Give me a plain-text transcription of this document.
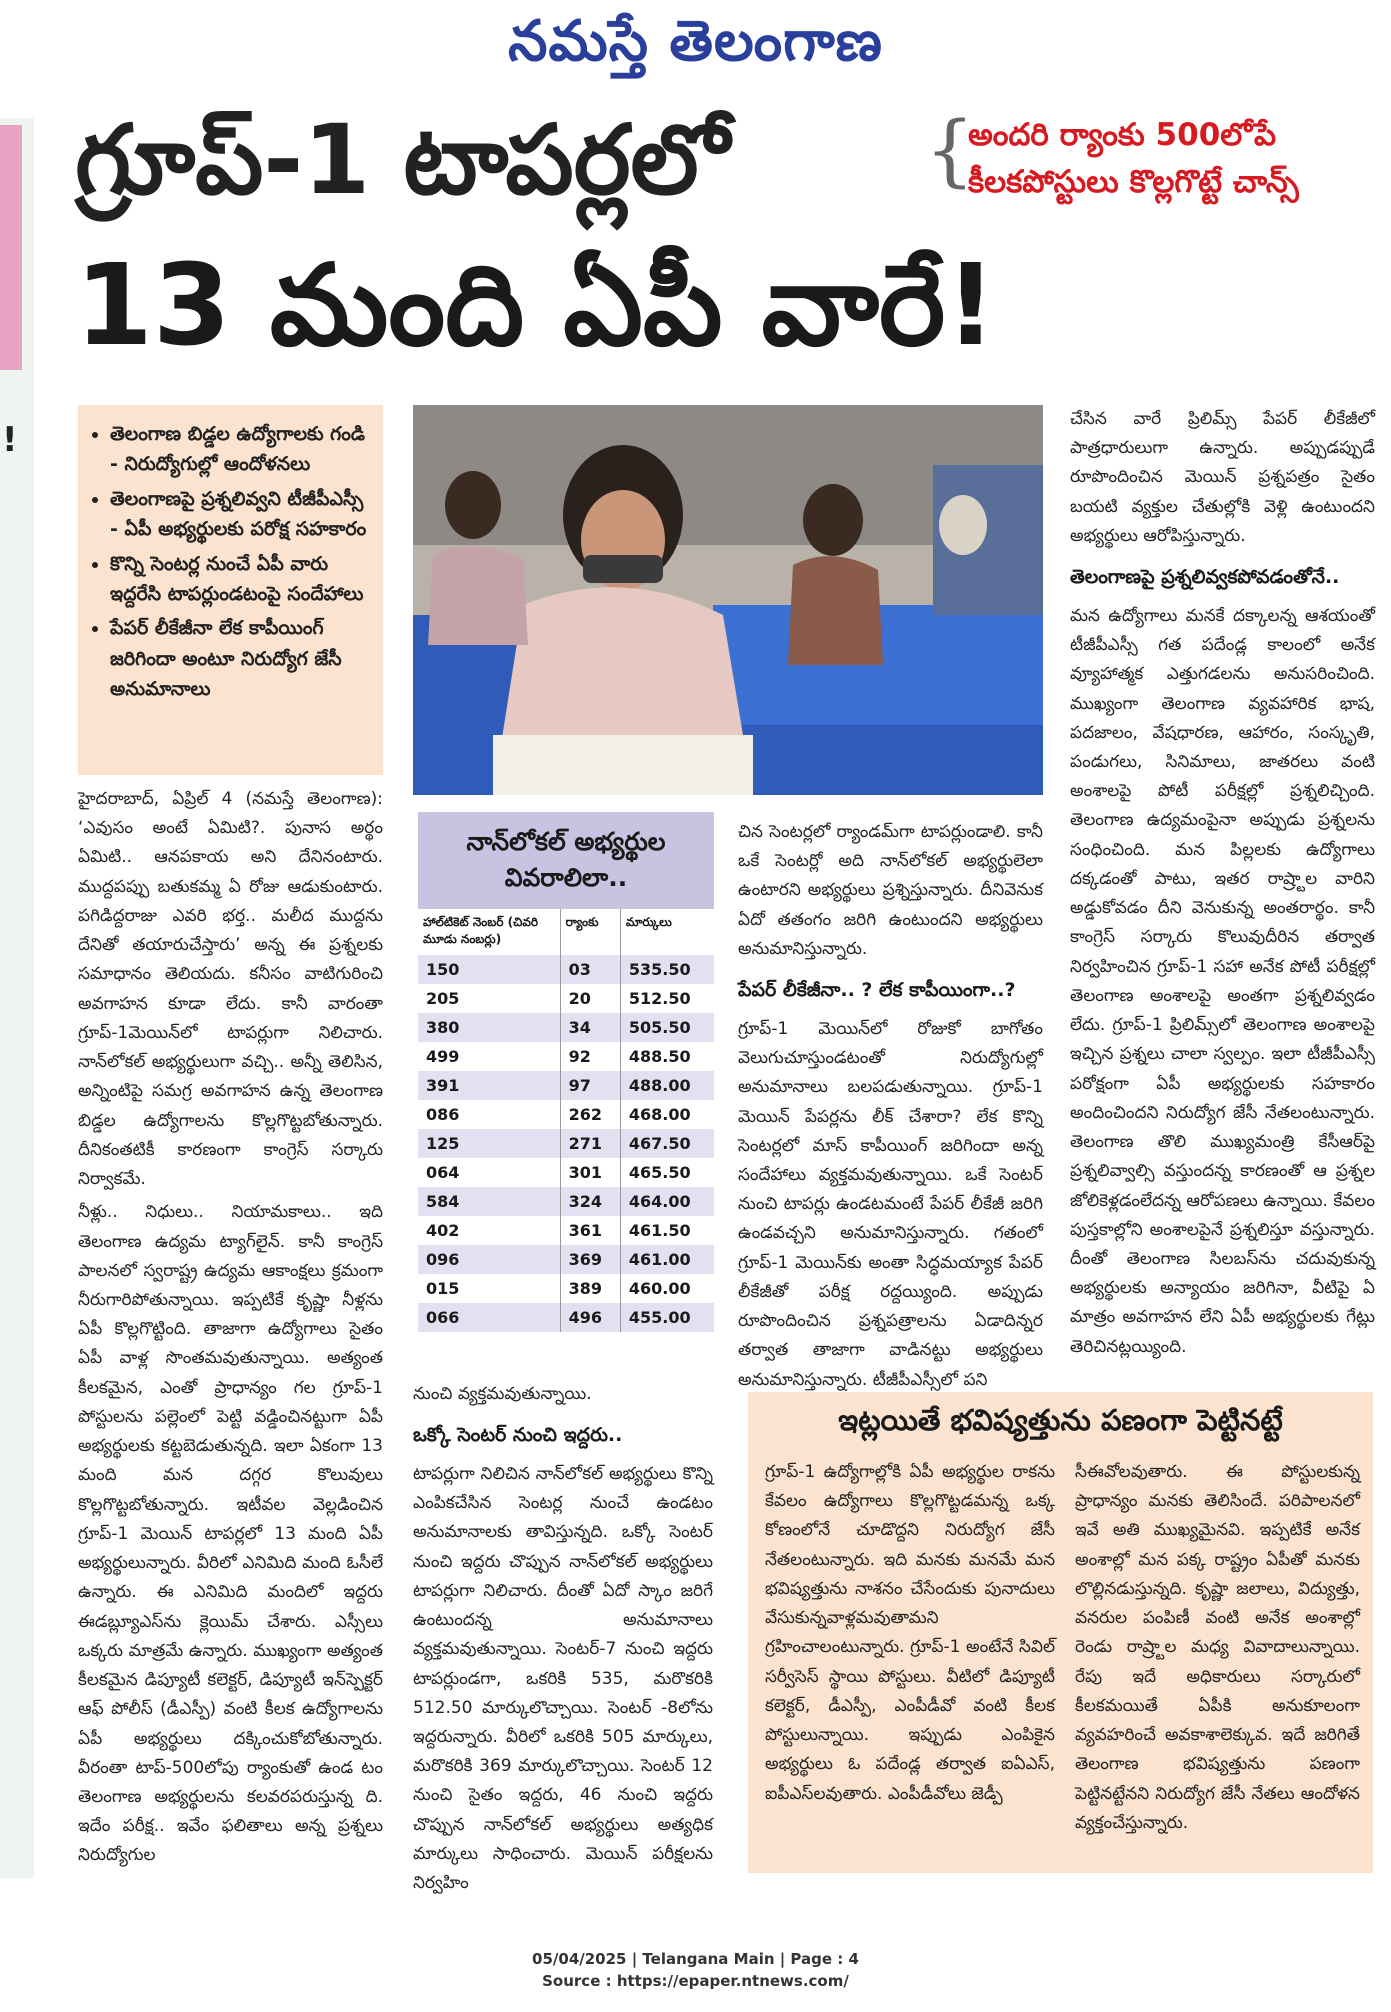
నమస్తే తెలంగాణ
!
గ్రూప్‌-1 టాపర్లలో
13 మంది ఏపీ వారే!
{
అందరి ర్యాంకు 500లోపే
కీలకపోస్టులు కొల్లగొట్టే చాన్స్
• తెలంగాణ బిడ్డల ఉద్యోగాలకు గండి - నిరుద్యోగుల్లో ఆందోళనలు
• తెలంగాణపై ప్రశ్నలివ్వని టీజీపీఎస్సీ - ఏపీ అభ్యర్థులకు పరోక్ష సహకారం
• కొన్ని సెంటర్ల నుంచే ఏపీ వారు ఇద్దరేసి టాపర్లుండటంపై సందేహాలు
• పేపర్‌ లీకేజీనా లేక కాపీయింగ్‌ జరిగిందా అంటూ నిరుద్యోగ జేసీ అనుమానాలు

హైదరాబాద్‌, ఏప్రిల్‌ 4 (నమస్తే తెలంగాణ): ‘ఎవుసం అంటే ఏమిటి?. పునాస అర్థం ఏమిటి.. ఆనపకాయ అని దేనినంటారు. ముద్దపప్పు బతుకమ్మ ఏ రోజు ఆడుకుంటారు. పగిడిద్దరాజు ఎవరి భర్త.. మలీద ముద్దను దేనితో తయారుచేస్తారు’ అన్న ఈ ప్రశ్నలకు సమాధానం తెలియదు. కనీసం వాటిగురించి అవగాహన కూడా లేదు. కానీ వారంతా గ్రూప్‌-1మెయిన్‌లో టాపర్లుగా నిలిచారు. నాన్‌లోకల్‌ అభ్యర్థులుగా వచ్చి.. అన్నీ తెలిసిన, అన్నింటిపై సమగ్ర అవగాహన ఉన్న తెలంగాణ బిడ్డల ఉద్యోగాలను కొల్లగొట్టబోతున్నారు. దీనికంతటికీ కారణంగా కాంగ్రెస్‌ సర్కారు నిర్వాకమే.

నీళ్లు.. నిధులు.. నియామకాలు.. ఇది తెలంగాణ ఉద్యమ ట్యాగ్‌లైన్‌. కానీ కాంగ్రెస్‌ పాలనలో స్వరాష్ట్ర ఉద్యమ ఆకాంక్షలు క్రమంగా నీరుగారిపోతున్నాయి. ఇప్పటికే కృష్ణా నీళ్లను ఏపీ కొల్లగొట్టింది. తాజాగా ఉద్యోగాలు సైతం ఏపీ వాళ్ల సొంతమవుతున్నాయి. అత్యంత కీలకమైన, ఎంతో ప్రాధాన్యం గల గ్రూప్‌-1 పోస్టులను పల్లెంలో పెట్టి వడ్డించినట్టుగా ఏపీ అభ్యర్థులకు కట్టబెడుతున్నది. ఇలా ఏకంగా 13 మంది మన దగ్గర కొలువులు కొల్లగొట్టబోతున్నారు. ఇటీవల వెల్లడించిన గ్రూప్‌-1 మెయిన్‌ టాపర్లలో 13 మంది ఏపీ అభ్యర్థులున్నారు. వీరిలో ఎనిమిది మంది ఓసీలే ఉన్నారు. ఈ ఎనిమిది మందిలో ఇద్దరు ఈడబ్ల్యూఎస్‌ను క్లెయిమ్‌ చేశారు. ఎస్సీలు ఒక్కరు మాత్రమే ఉన్నారు. ముఖ్యంగా అత్యంత కీలకమైన డిప్యూటీ కలెక్టర్‌, డిప్యూటీ ఇన్‌స్పెక్టర్‌ ఆఫ్‌ పోలీస్‌ (డీఎస్పీ) వంటి కీలక ఉద్యోగాలను ఏపీ అభ్యర్థులు దక్కించుకోబోతున్నారు. వీరంతా టాప్‌-500లోపు ర్యాంకుతో ఉండ టం తెలంగాణ అభ్యర్థులను కలవరపరుస్తున్న ది. ఇదేం పరీక్ష.. ఇవేం ఫలితాలు అన్న ప్రశ్నలు నిరుద్యోగుల

నాన్‌లోకల్‌ అభ్యర్థుల వివరాలిలా..
హాల్‌టికెట్‌ నెంబర్‌ (చివరి మూడు నంబర్లు)	ర్యాంకు	మార్కులు
150	03	535.50
205	20	512.50
380	34	505.50
499	92	488.50
391	97	488.00
086	262	468.00
125	271	467.50
064	301	465.50
584	324	464.00
402	361	461.50
096	369	461.00
015	389	460.00
066	496	455.00

నుంచి వ్యక్తమవుతున్నాయి.

ఒక్కో సెంటర్‌ నుంచి ఇద్దరు..

టాపర్లుగా నిలిచిన నాన్‌లోకల్‌ అభ్యర్థులు కొన్ని ఎంపికచేసిన సెంటర్ల నుంచే ఉండటం అనుమానాలకు తావిస్తున్నది. ఒక్కో సెంటర్‌ నుంచి ఇద్దరు చొప్పున నాన్‌లోకల్‌ అభ్యర్థులు టాపర్లుగా నిలిచారు. దీంతో ఏదో స్కాం జరిగే ఉంటుందన్న అనుమానాలు వ్యక్తమవుతున్నాయి. సెంటర్‌-7 నుంచి ఇద్దరు టాపర్లుండగా, ఒకరికి 535, మరొకరికి 512.50 మార్కులొచ్చాయి. సెంటర్‌ -8లోను ఇద్దరున్నారు. వీరిలో ఒకరికి 505 మార్కులు, మరొకరికి 369 మార్కులొచ్చాయి. సెంటర్‌ 12 నుంచి సైతం ఇద్దరు, 46 నుంచి ఇద్దరు చొప్పున నాన్‌లోకల్‌ అభ్యర్థులు అత్యధిక మార్కులు సాధించారు. మెయిన్‌ పరీక్షలను నిర్వహిం

చిన సెంటర్లలో ర్యాండమ్‌గా టాపర్లుండాలి. కానీ ఒకే సెంటర్లో అది నాన్‌లోకల్‌ అభ్యర్థులెలా ఉంటారని అభ్యర్థులు ప్రశ్నిస్తున్నారు. దీనివెనుక ఏదో తతంగం జరిగి ఉంటుందని అభ్యర్థులు అనుమానిస్తున్నారు.

పేపర్‌ లీకేజీనా.. ? లేక కాపీయింగా..?

గ్రూప్‌-1 మెయిన్‌లో రోజుకో బాగోతం వెలుగుచూస్తుండటంతో నిరుద్యోగుల్లో అనుమానాలు బలపడుతున్నాయి. గ్రూప్‌-1 మెయిన్‌ పేపర్లను లీక్‌ చేశారా? లేక కొన్ని సెంటర్లలో మాస్‌ కాపీయింగ్‌ జరిగిందా అన్న సందేహాలు వ్యక్తమవుతున్నాయి. ఒకే సెంటర్‌ నుంచి టాపర్లు ఉండటమంటే పేపర్‌ లీకేజీ జరిగి ఉండవచ్చని అనుమానిస్తున్నారు. గతంలో గ్రూప్‌-1 మెయిన్‌కు అంతా సిద్ధమయ్యాక పేపర్‌ లీకేజీతో పరీక్ష రద్దయ్యింది. అప్పుడు రూపొందించిన ప్రశ్నపత్రాలను ఏడాదిన్నర తర్వాత తాజాగా వాడినట్టు అభ్యర్థులు అనుమానిస్తున్నారు. టీజీపీఎస్సీలో పని

చేసిన వారే ప్రిలిమ్స్‌ పేపర్‌ లీకేజీలో పాత్రధారులుగా ఉన్నారు. అప్పుడప్పుడే రూపొందించిన మెయిన్‌ ప్రశ్నపత్రం సైతం బయటి వ్యక్తుల చేతుల్లోకి వెళ్లి ఉంటుందని అభ్యర్థులు ఆరోపిస్తున్నారు.

తెలంగాణపై ప్రశ్నలివ్వకపోవడంతోనే..

మన ఉద్యోగాలు మనకే దక్కాలన్న ఆశయంతో టీజీపీఎస్సీ గత పదేండ్ల కాలంలో అనేక వ్యూహాత్మక ఎత్తుగడలను అనుసరించింది. ముఖ్యంగా తెలంగాణ వ్యవహారిక భాష, పదజాలం, వేషధారణ, ఆహారం, సంస్కృతి, పండుగలు, సినిమాలు, జాతరలు వంటి అంశాలపై పోటీ పరీక్షల్లో ప్రశ్నలిచ్చింది. తెలంగాణ ఉద్యమంపైనా అప్పుడు ప్రశ్నలను సంధించింది. మన పిల్లలకు ఉద్యోగాలు దక్కడంతో పాటు, ఇతర రాష్ర్టాల వారిని అడ్డుకోవడం దీని వెనుకున్న అంతరార్థం. కానీ కాంగ్రెస్‌ సర్కారు కొలువుదీరిన తర్వాత నిర్వహించిన గ్రూప్‌-1 సహా అనేక పోటీ పరీక్షల్లో తెలంగాణ అంశాలపై అంతగా ప్రశ్నలివ్వడం లేదు. గ్రూప్‌-1 ప్రిలిమ్స్‌లో తెలంగాణ అంశాలపై ఇచ్చిన ప్రశ్నలు చాలా స్వల్పం. ఇలా టీజీపీఎస్సీ పరోక్షంగా ఏపీ అభ్యర్థులకు సహకారం అందించిందని నిరుద్యోగ జేసీ నేతలంటున్నారు. తెలంగాణ తొలి ముఖ్యమంత్రి కేసీఆర్‌పై ప్రశ్నలివ్వాల్సి వస్తుందన్న కారణంతో ఆ ప్రశ్నల జోలికెళ్లడంలేదన్న ఆరోపణలు ఉన్నాయి. కేవలం పుస్తకాల్లోని అంశాలపైనే ప్రశ్నలిస్తూ వస్తున్నారు. దీంతో తెలంగాణ సిలబస్‌ను చదువుకున్న అభ్యర్థులకు అన్యాయం జరిగినా, వీటిపై ఏ మాత్రం అవగాహన లేని ఏపీ అభ్యర్థులకు గేట్లు తెరిచినట్లయ్యింది.

ఇట్లయితే భవిష్యత్తును పణంగా పెట్టినట్టే

గ్రూప్‌-1 ఉద్యోగాల్లోకి ఏపీ అభ్యర్థుల రాకను కేవలం ఉద్యోగాలు కొల్లగొట్టడమన్న ఒక్క కోణంలోనే చూడొద్దని నిరుద్యోగ జేసీ నేతలంటున్నారు. ఇది మనకు మనమే మన భవిష్యత్తును నాశనం చేసేందుకు పునాదులు వేసుకున్నవాళ్లమవుతామని గ్రహించాలంటున్నారు. గ్రూప్‌-1 అంటేనే సివిల్‌ సర్వీసెస్‌ స్థాయి పోస్టులు. వీటిలో డిప్యూటీ కలెక్టర్‌, డీఎస్పీ, ఎంపీడీవో వంటి కీలక పోస్టులున్నాయి. ఇప్పుడు ఎంపికైన అభ్యర్థులు ఓ పదేండ్ల తర్వాత ఐఏఎస్‌, ఐపీఎస్‌లవుతారు. ఎంపీడీవోలు జెడ్పీ

సీఈవోలవుతారు. ఈ పోస్టులకున్న ప్రాధాన్యం మనకు తెలిసిందే. పరిపాలనలో ఇవే అతి ముఖ్యమైనవి. ఇప్పటికే అనేక అంశాల్లో మన పక్క రాష్ట్రం ఏపీతో మనకు లొల్లినడుస్తున్నది. కృష్ణా జలాలు, విద్యుత్తు, వనరుల పంపిణీ వంటి అనేక అంశాల్లో రెండు రాష్ర్టాల మధ్య వివాదాలున్నాయి. రేపు ఇదే అధికారులు సర్కారులో కీలకమయితే ఏపీకి అనుకూలంగా వ్యవహరించే అవకాశాలెక్కువ. ఇదే జరిగితే తెలంగాణ భవిష్యత్తును పణంగా పెట్టినట్టేనని నిరుద్యోగ జేసీ నేతలు ఆందోళన వ్యక్తంచేస్తున్నారు.

05/04/2025 | Telangana Main | Page : 4
Source : https://epaper.ntnews.com/
